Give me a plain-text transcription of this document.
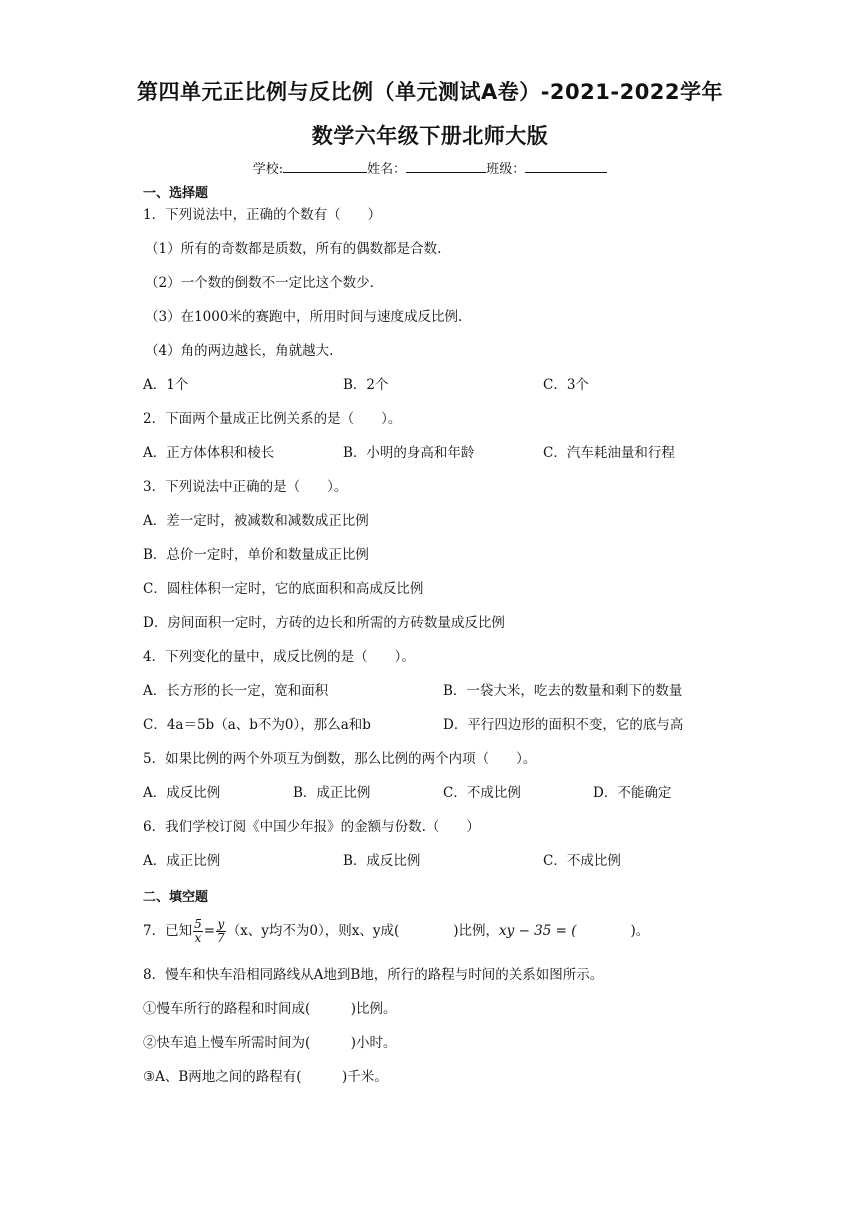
第四单元正比例与反比例（单元测试A卷）-2021-2022学年
数学六年级下册北师大版
学校:	姓名：	班级：
一、选择题
1．下列说法中，正确的个数有（　　）
（1）所有的奇数都是质数，所有的偶数都是合数.
（2）一个数的倒数不一定比这个数少.
（3）在1000米的赛跑中，所用时间与速度成反比例.
（4）角的两边越长，角就越大.
A．1个	B．2个	C．3个
2．下面两个量成正比例关系的是（　　）。
A．正方体体积和棱长	B．小明的身高和年龄	C．汽车耗油量和行程
3．下列说法中正确的是（　　）。
A．差一定时，被减数和减数成正比例
B．总价一定时，单价和数量成正比例
C．圆柱体积一定时，它的底面积和高成反比例
D．房间面积一定时，方砖的边长和所需的方砖数量成反比例
4．下列变化的量中，成反比例的是（　　）。
A．长方形的长一定，宽和面积	B．一袋大米，吃去的数量和剩下的数量
C．4a＝5b（a、b不为0），那么a和b	D．平行四边形的面积不变，它的底与高
5．如果比例的两个外项互为倒数，那么比例的两个内项（　　）。
A．成反比例	B．成正比例	C．不成比例	D．不能确定
6．我们学校订阅《中国少年报》的金额与份数.（　　）
A．成正比例	B．成反比例	C．不成比例
二、填空题
7．已知 $\frac{5}{x} = \frac{y}{7} (x$、y均不为0），则x、y成(　　　　)比例，xy − 35 = (　　　　)。
8．慢车和快车沿相同路线从A地到B地，所行的路程与时间的关系如图所示。
①慢车所行的路程和时间成(　　　)比例。
②快车追上慢车所需时间为(　　　)小时。
③A、B两地之间的路程有(　　　)千米。
